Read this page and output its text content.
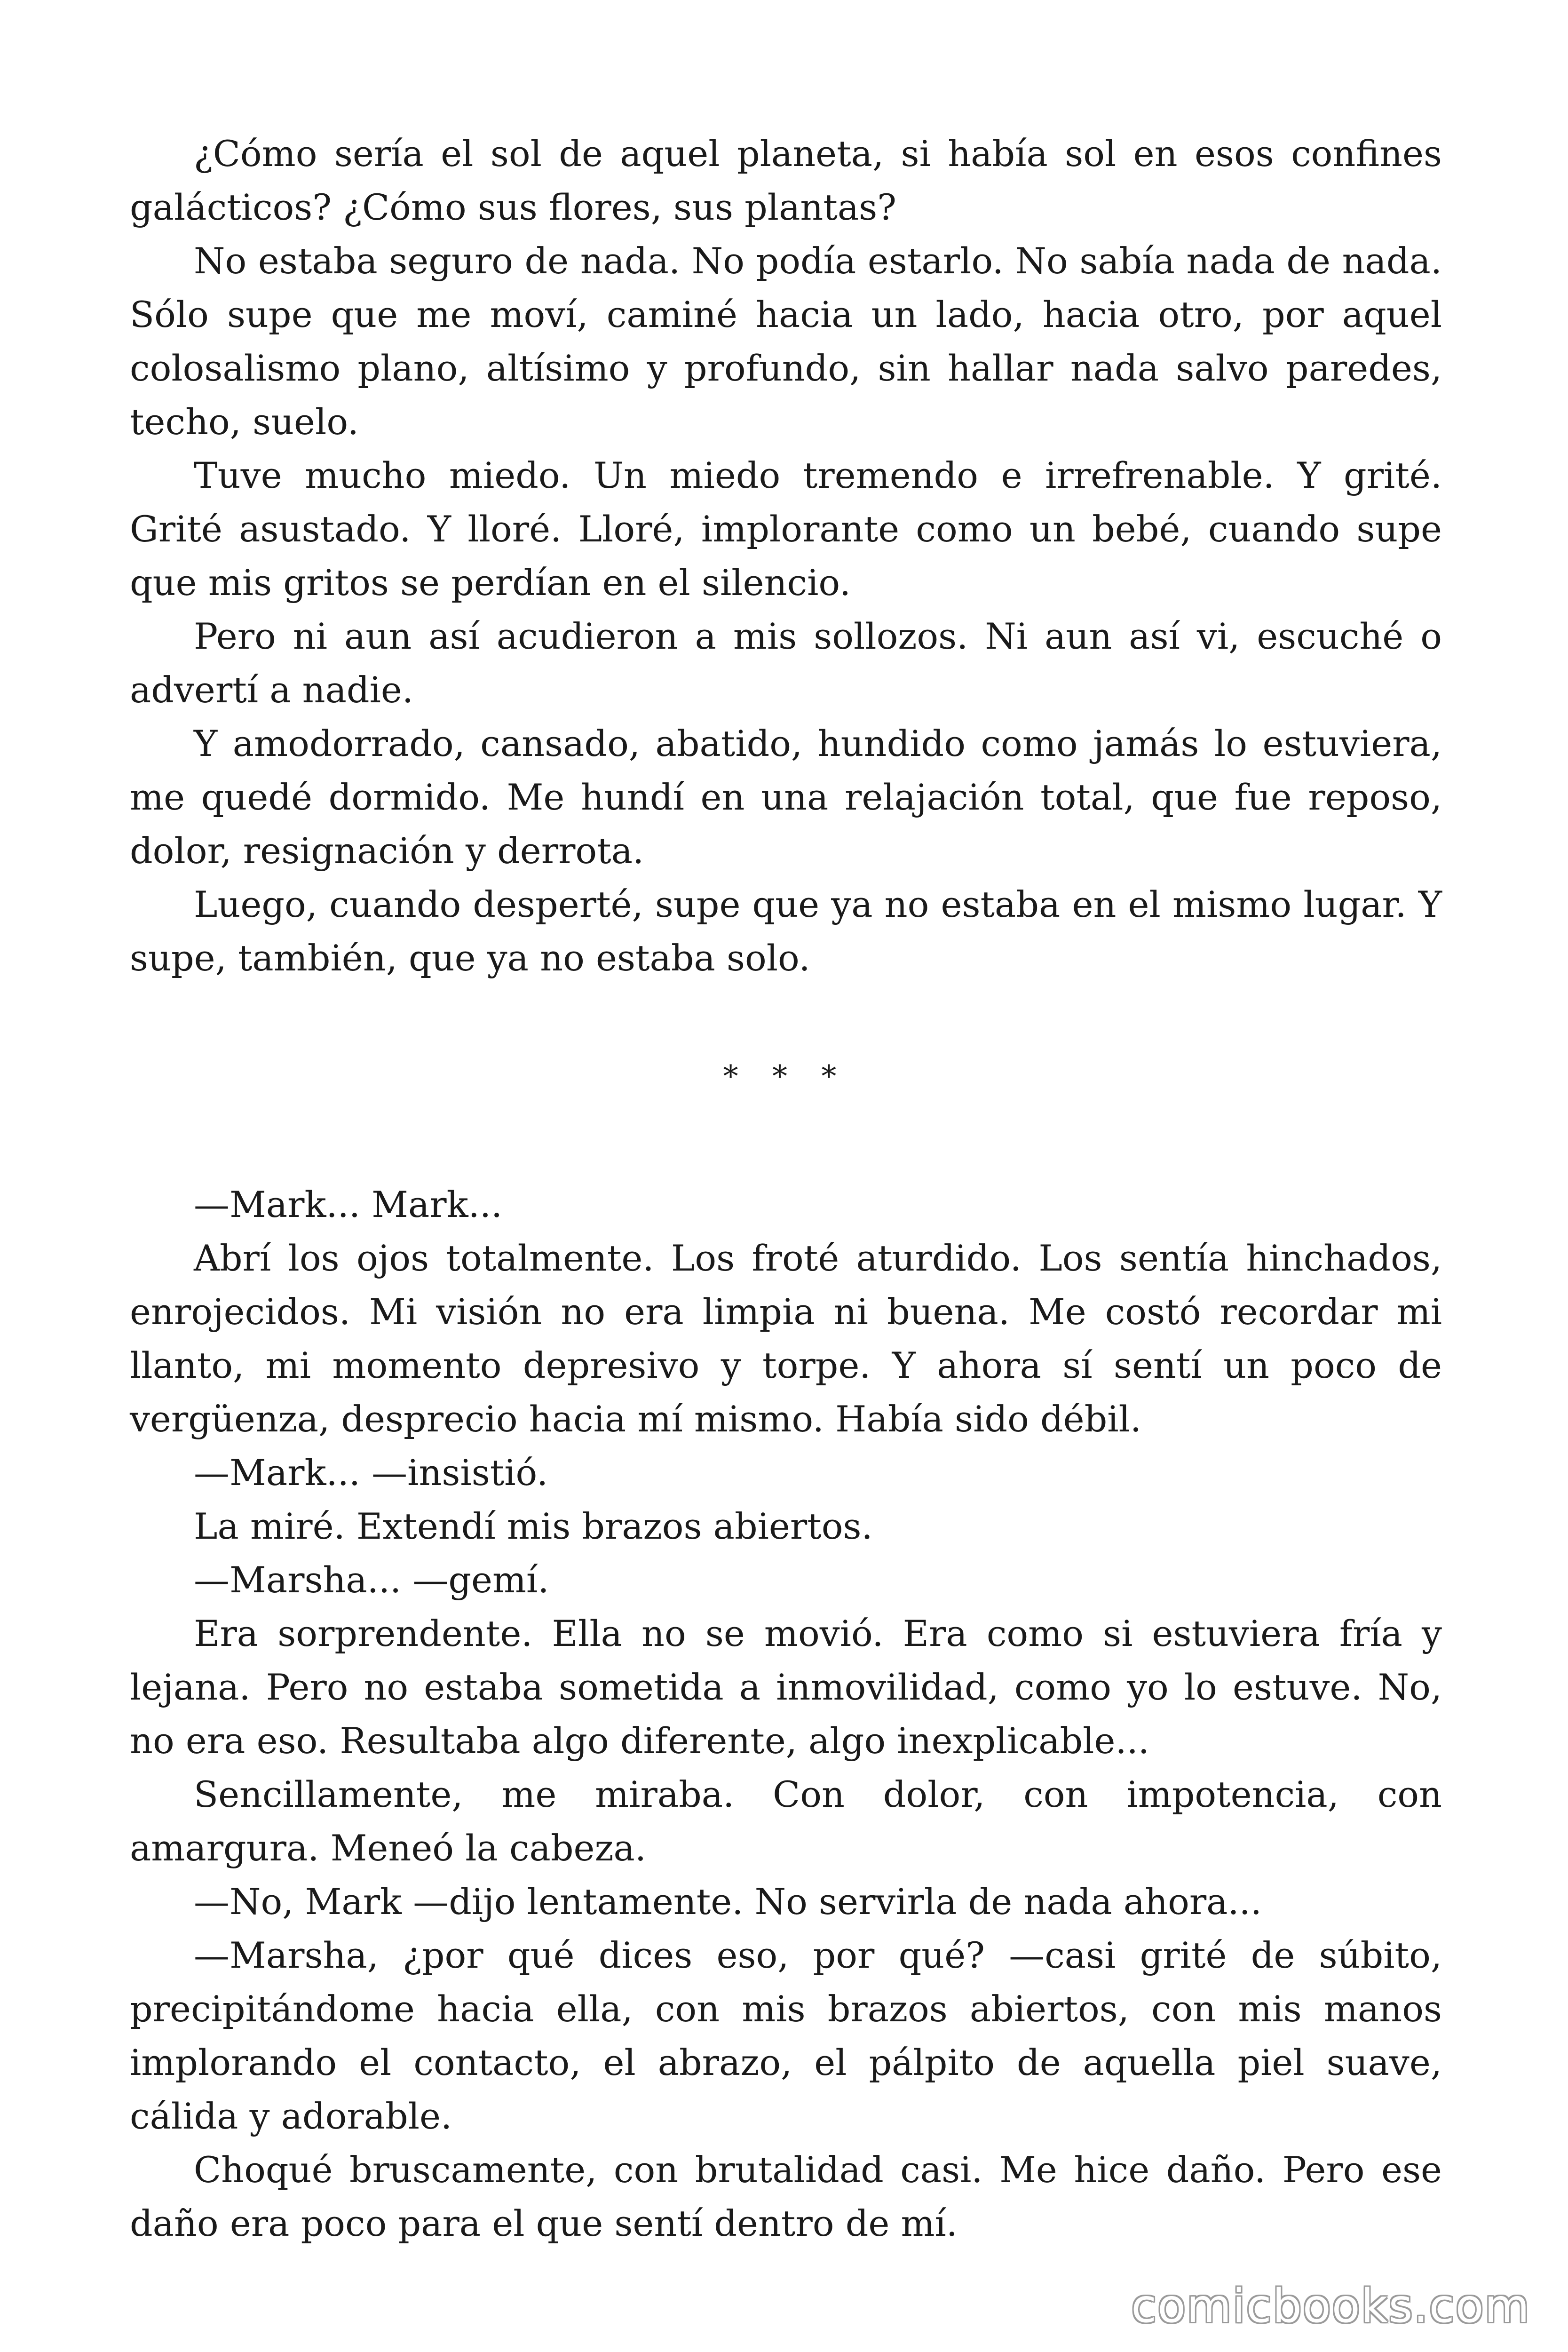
¿Cómo sería el sol de aquel planeta, si había sol en esos confines galácticos? ¿Cómo sus flores, sus plantas?

No estaba seguro de nada. No podía estarlo. No sabía nada de nada. Sólo supe que me moví, caminé hacia un lado, hacia otro, por aquel colosalismo plano, altísimo y profundo, sin hallar nada salvo paredes, techo, suelo.

Tuve mucho miedo. Un miedo tremendo e irrefrenable. Y grité. Grité asustado. Y lloré. Lloré, implorante como un bebé, cuando supe que mis gritos se perdían en el silencio.

Pero ni aun así acudieron a mis sollozos. Ni aun así vi, escuché o advertí a nadie.

Y amodorrado, cansado, abatido, hundido como jamás lo estuviera, me quedé dormido. Me hundí en una relajación total, que fue reposo, dolor, resignación y derrota.

Luego, cuando desperté, supe que ya no estaba en el mismo lugar. Y supe, también, que ya no estaba solo.

* * *

—Mark... Mark...

Abrí los ojos totalmente. Los froté aturdido. Los sentía hinchados, enrojecidos. Mi visión no era limpia ni buena. Me costó recordar mi llanto, mi momento depresivo y torpe. Y ahora sí sentí un poco de vergüenza, desprecio hacia mí mismo. Había sido débil.

—Mark... —insistió.

La miré. Extendí mis brazos abiertos.

—Marsha... —gemí.

Era sorprendente. Ella no se movió. Era como si estuviera fría y lejana. Pero no estaba sometida a inmovilidad, como yo lo estuve. No, no era eso. Resultaba algo diferente, algo inexplicable...

Sencillamente, me miraba. Con dolor, con impotencia, con amargura. Meneó la cabeza.

—No, Mark —dijo lentamente. No servirla de nada ahora...

—Marsha, ¿por qué dices eso, por qué? —casi grité de súbito, precipitándome hacia ella, con mis brazos abiertos, con mis manos implorando el contacto, el abrazo, el pálpito de aquella piel suave, cálida y adorable.

Choqué bruscamente, con brutalidad casi. Me hice daño. Pero ese daño era poco para el que sentí dentro de mí.

comicbooks.com
